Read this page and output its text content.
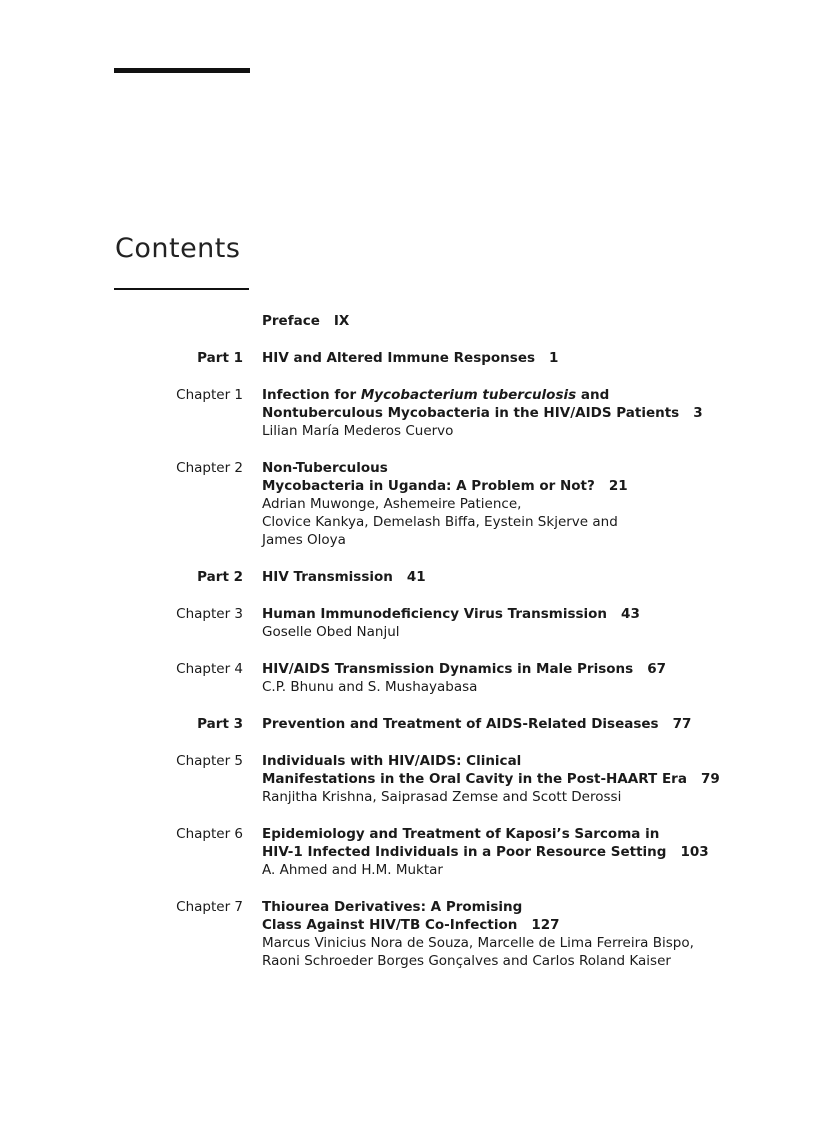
Contents
Preface IX
Part 1 HIV and Altered Immune Responses 1
Chapter 1 Infection for Mycobacterium tuberculosis and
Nontuberculous Mycobacteria in the HIV/AIDS Patients 3
Lilian María Mederos Cuervo
Chapter 2 Non-Tuberculous
Mycobacteria in Uganda: A Problem or Not? 21
Adrian Muwonge, Ashemeire Patience,
Clovice Kankya, Demelash Biffa, Eystein Skjerve and
James Oloya
Part 2 HIV Transmission 41
Chapter 3 Human Immunodeficiency Virus Transmission 43
Goselle Obed Nanjul
Chapter 4 HIV/AIDS Transmission Dynamics in Male Prisons 67
C.P. Bhunu and S. Mushayabasa
Part 3 Prevention and Treatment of AIDS-Related Diseases 77
Chapter 5 Individuals with HIV/AIDS: Clinical
Manifestations in the Oral Cavity in the Post-HAART Era 79
Ranjitha Krishna, Saiprasad Zemse and Scott Derossi
Chapter 6 Epidemiology and Treatment of Kaposi’s Sarcoma in
HIV-1 Infected Individuals in a Poor Resource Setting 103
A. Ahmed and H.M. Muktar
Chapter 7 Thiourea Derivatives: A Promising
Class Against HIV/TB Co-Infection 127
Marcus Vinicius Nora de Souza, Marcelle de Lima Ferreira Bispo,
Raoni Schroeder Borges Gonçalves and Carlos Roland Kaiser
